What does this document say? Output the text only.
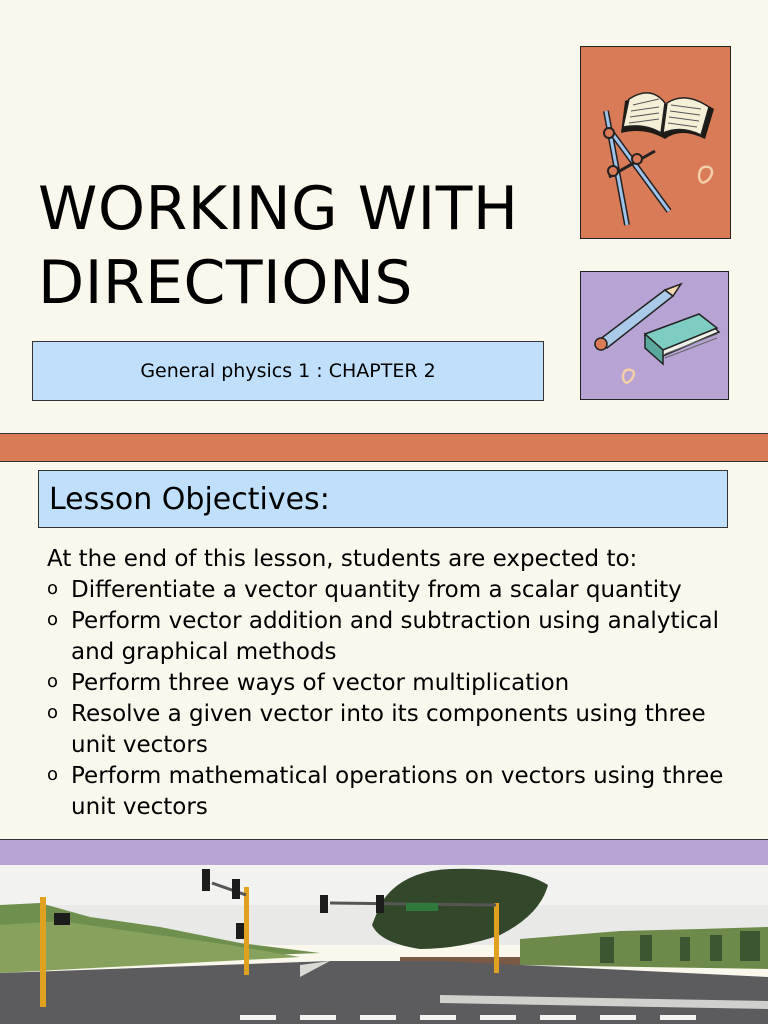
WORKING WITH
DIRECTIONS
General physics 1 : CHAPTER 2
Lesson Objectives:
At the end of this lesson, students are expected to:
o Differentiate a vector quantity from a scalar quantity
o Perform vector addition and subtraction using analytical and graphical methods
o Perform three ways of vector multiplication
o Resolve a given vector into its components using three unit vectors
o Perform mathematical operations on vectors using three unit vectors
